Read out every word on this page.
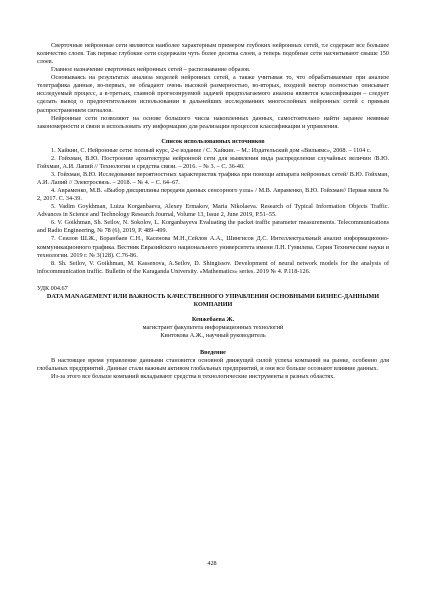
Сверточные нейронные сети являются наиболее характерным примером глубоких нейронных сетей, т.е содержат все большее количество слоев. Так первые глубокие сети содержали чуть более десятка слоев, а теперь подобные сети насчитывают свыше 150 слоев.

Главное назначение сверточных нейронных сетей – распознавание образов.

Основываясь на результатах анализа моделей нейронных сетей, а также учитывая то, что обрабатываемые при анализе телетрафика данные, во-первых, не обладают очень высокой размерностью, во-вторых, входной вектор полностью описывает исследуемый процесс, а в-третьих, главной прогнозируемой задачей предполагаемого анализа является классификация – следует сделать вывод о предпочтительном использовании в дальнейших исследованиях многослойных нейронных сетей с прямым распространением сигналов.

Нейронные сети позволяют на основе большого числа накопленных данных, самостоятельно найти заранее неявные закономерности и связи и использовать эту информацию для реализации процессов классификации и управления.

Список использованных источников

1. Хайкин, С. Нейронные сети: полный курс, 2-е издание / С. Хайкин. – М.: Издательский дом «Вильямс», 2008. – 1104 с.

2. Гойхман, В.Ю. Построение архитектуры нейронной сети для выявления вида распределения случайных величин /В.Ю. Гойхман, А.И. Лапий // Технологии и средства связи. – 2016. – № 3. – С. 36-40.

3. Гойхман, В.Ю. Исследование вероятностных характеристик трафика при помощи аппарата нейронных сетей/ В.Ю. Гойхман, А.И. Лапий // Электросвязь. – 2018. – № 4. – С. 64–67.

4. Авраменко, М.В. «Выбор дисциплины передачи данных сенсорного узла» / М.В. Авраменко, В.Ю. Гойхман// Первая миля № 2, 2017. С. 34-39.

5. Vadim Goykhman, Luiza Korganbaeva, Alexey Ermakov, Maria Nikolaeva. Research of Typical Information Objects Traffic. Advances in Science and Technology Research Journal, Volume 13, Issue 2, June 2019, P.51–55.

6. V. Goikhman, Sh. Seilov, N. Sokolov, L. Korganbayeva Evaluating the packet traffic parameter measurements. Telecommunications and Radio Engineering, № 78 (6), 2019, P. 489–499.

7. Сеилов Ш.Ж., Боранбаев С.Н., Касенова М.Н.,Сейлов А.А., Шингисов Д.С. Интеллектуальный анализ информационно-коммуникационного трафика. Вестник Евразийского национального университета имени Л.Н. Гумилева. Серия Технические науки и технологии. 2019 г. № 3(128). С.76-86.

8. Sh. Seilov, V. Goikhman, M. Kassenova, A.Seilov, D. Shingissov. Development of neural network models for the analysis of infocommunication traffic. Bulletin of the Karaganda University. «Mathematics» series. 2019 № 4. P.118-126.

УДК 004.67

DATA MANAGEMENT ИЛИ ВАЖНОСТЬ КАЧЕСТВЕННОГО УПРАВЛЕНИЯ ОСНОВНЫМИ БИЗНЕС-ДАННЫМИ КОМПАНИИ

Кенжебаева Ж.

магистрант факультета информационных технологий

Кинтокова А.Ж., научный руководитель

Введение

В настоящее время управление данными становится основной движущей силой успеха компаний на рынке, особенно для глобальных предприятий. Данные стали важным активом глобальных предприятий, и они все больше осознают влияние данных.

Из-за этого все больше компаний вкладывают средства в технологические инструменты в разных областях.

428
